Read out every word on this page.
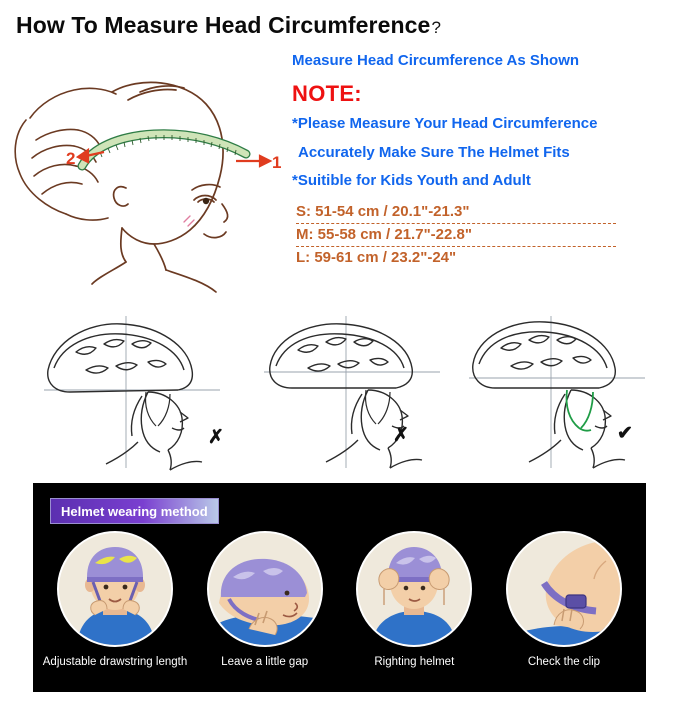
How To Measure Head Circumference ?
1
2
Measure Head Circumference As Shown
NOTE:
*Please Measure Your Head Circumference
Accurately Make Sure The Helmet Fits
*Suitible for Kids Youth and Adult
S: 51-54 cm / 20.1"-21.3"
M: 55-58 cm / 21.7"-22.8"
L: 59-61 cm / 23.2"-24"
✗	✗	✔
Helmet wearing method
Adjustable drawstring length	Leave a little gap	Righting helmet	Check the clip
